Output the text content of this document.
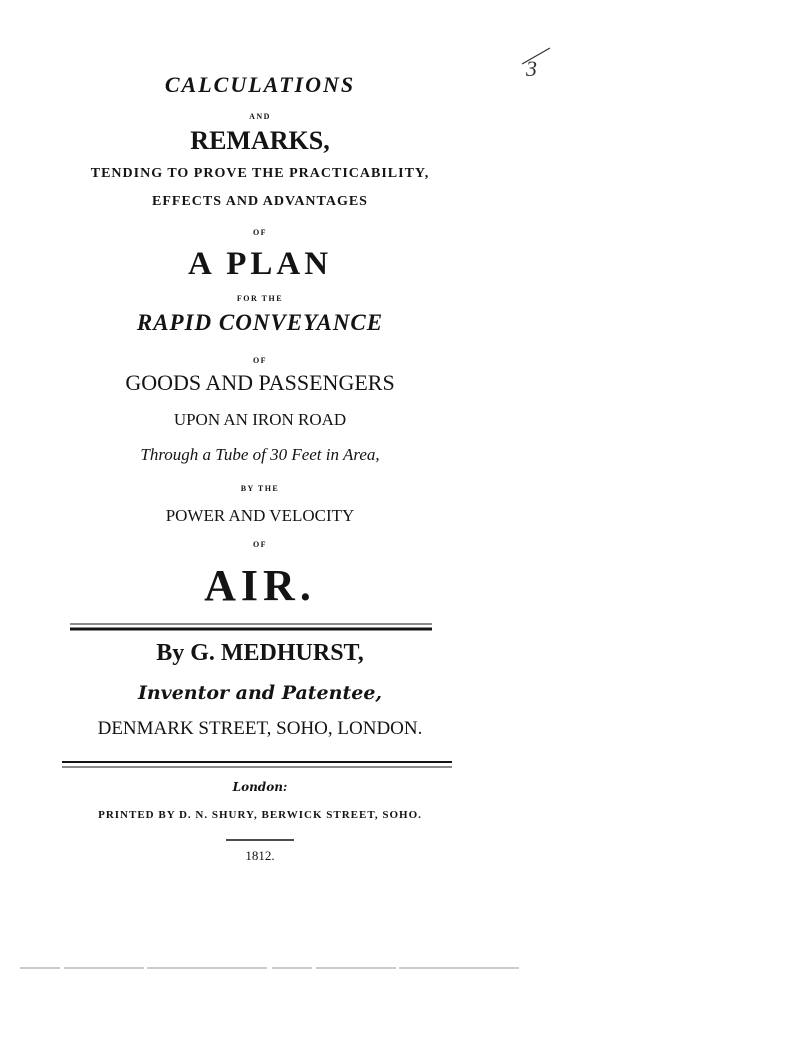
CALCULATIONS
AND
REMARKS,
TENDING TO PROVE THE PRACTICABILITY,
EFFECTS AND ADVANTAGES
OF
A PLAN
FOR THE
RAPID CONVEYANCE
OF
GOODS AND PASSENGERS
UPON AN IRON ROAD
Through a Tube of 30 Feet in Area,
BY THE
POWER AND VELOCITY
OF
AIR.
By G. MEDHURST,
Inventor and Patentee,
DENMARK STREET, SOHO, LONDON.
London:
PRINTED BY D. N. SHURY, BERWICK STREET, SOHO.
1812.
3
